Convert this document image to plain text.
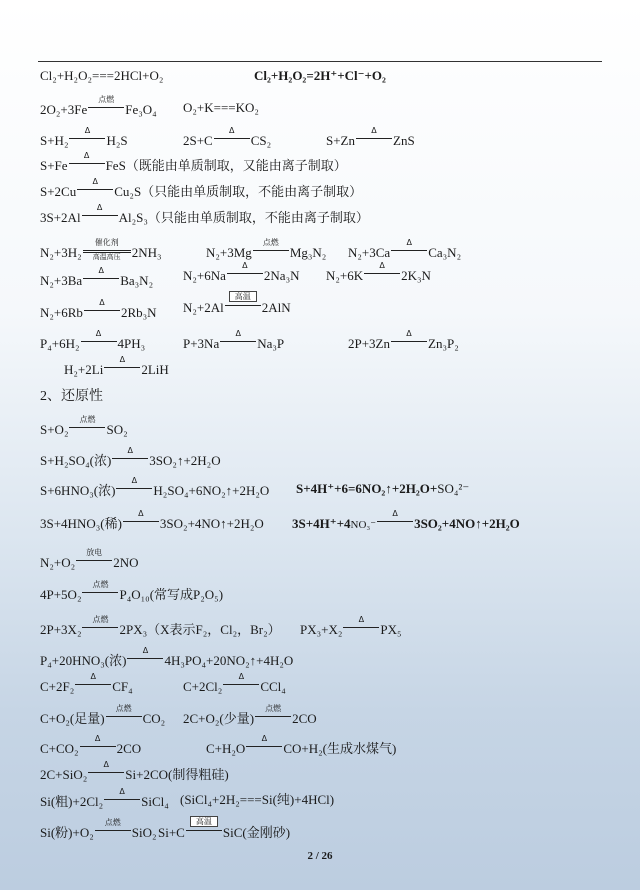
Cl₂+H₂O₂===2HCl+O₂	Cl₂+H₂O₂=2H⁺+Cl⁻+O₂
2O₂+3Fe
点燃
Fe₃O₄ O₂+K===KO₂
S+H₂
Δ
H₂S	2S+C
Δ
CS₂	S+Zn
Δ
ZnS
S+Fe
Δ
FeS（既能由单质制取，又能由离子制取）
S+2Cu
Δ
Cu₂S（只能由单质制取，不能由离子制取）
3S+2Al
Δ
Al₂S₃（只能由单质制取，不能由离子制取）
N₂+3H₂
催化剂
高温高压 2NH₃	N₂+3Mg
点燃
Mg₃N₂ N₂+3Ca
Δ
Ca₃N₂
N₂+3Ba
Δ
Ba₃N₂ N₂+6Na
Δ
2Na₃N N₂+6K
Δ
2K₃N
N₂+6Rb
Δ
2Rb₃N N₂+2Al
高温
2AlN
P₄+6H₂
Δ
4PH₃	P+3Na
Δ
Na₃P	2P+3Zn
Δ
Zn₃P₂
H₂+2Li
Δ
2LiH
2、还原性
S+O₂
点燃
SO₂
S+H₂SO₄(浓)
Δ
3SO₂↑+2H₂O
S+6HNO₃(浓)
Δ
H₂SO₄+6NO₂↑+2H₂O S+4H⁺+6=6NO₂↑+2H₂O+SO₄²⁻
3S+4HNO₃(稀)
Δ
3SO₂+4NO↑+2H₂O 3S+4H⁺+4NO₃⁻
Δ
3SO₂+4NO↑+2H₂O
N₂+O₂
放电
2NO
4P+5O₂
点燃
P₄O₁₀(常写成P₂O₅)
2P+3X₂
点燃
2PX₃（X表示F₂，Cl₂，Br₂） PX₃+X₂
Δ
PX₅
P₄+20HNO₃(浓)
Δ
4H₃PO₄+20NO₂↑+4H₂O
C+2F₂
Δ
CF₄	C+2Cl₂
Δ
CCl₄
C+O₂(足量)
点燃
CO₂ 2C+O₂(少量)
点燃
2CO
C+CO₂
Δ
2CO	C+H₂O
Δ
CO+H₂(生成水煤气)
2C+SiO₂
Δ
Si+2CO(制得粗硅)
Si(粗)+2Cl₂
Δ
SiCl₄ (SiCl₄+2H₂===Si(纯)+4HCl)
Si(粉)+O₂
点燃
SiO₂ Si+C
高温
SiC(金刚砂)
2 / 26
